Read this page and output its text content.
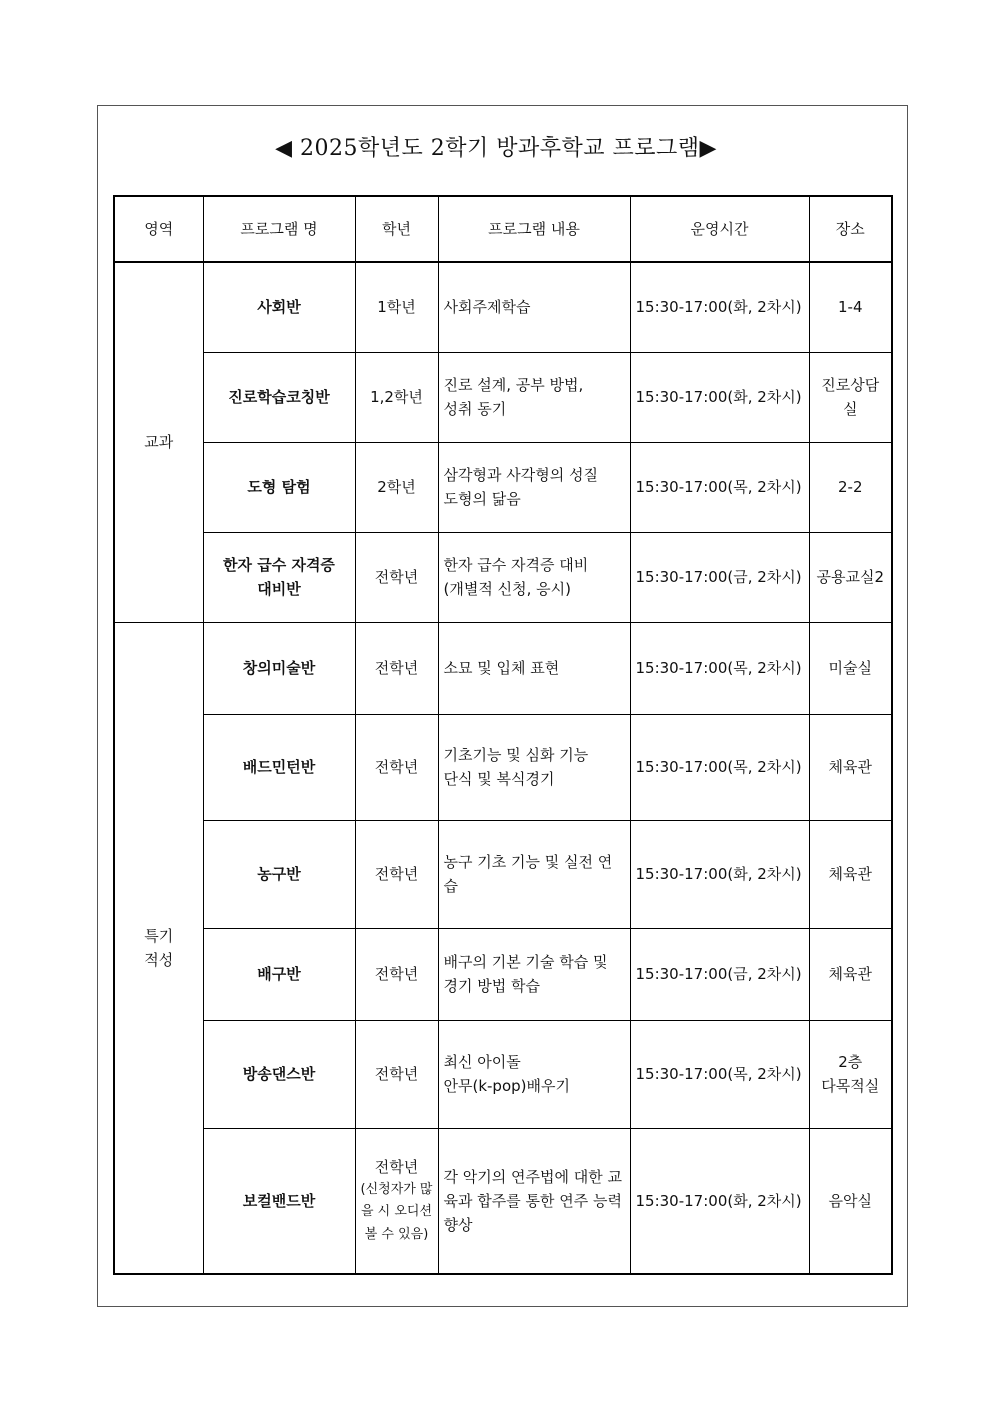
◀ 2025학년도 2학기 방과후학교 프로그램▶
영역	프로그램 명	학년	프로그램 내용	운영시간	장소
교과	사회반	1학년	사회주제학습	15:30-17:00(화, 2차시)	1-4
	진로학습코칭반	1,2학년	진로 설계, 공부 방법,
성취 동기	15:30-17:00(화, 2차시)	진로상담실
	도형 탐험	2학년	삼각형과 사각형의 성질
도형의 닮음	15:30-17:00(목, 2차시)	2-2
	한자 급수 자격증
대비반	전학년	한자 급수 자격증 대비
(개별적 신청, 응시)	15:30-17:00(금, 2차시)	공용교실2
특기
적성	창의미술반	전학년	소묘 및 입체 표현	15:30-17:00(목, 2차시)	미술실
	배드민턴반	전학년	기초기능 및 심화 기능
단식 및 복식경기	15:30-17:00(목, 2차시)	체육관
	농구반	전학년	농구 기초 기능 및 실전 연습	15:30-17:00(화, 2차시)	체육관
	배구반	전학년	배구의 기본 기술 학습 및 경기 방법 학습	15:30-17:00(금, 2차시)	체육관
	방송댄스반	전학년	최신 아이돌
안무(k-pop)배우기	15:30-17:00(목, 2차시)	2층
다목적실
	보컬밴드반	전학년
(신청자가 많을 시 오디션 볼 수 있음)	각 악기의 연주법에 대한 교육과 합주를 통한 연주 능력향상	15:30-17:00(화, 2차시)	음악실
